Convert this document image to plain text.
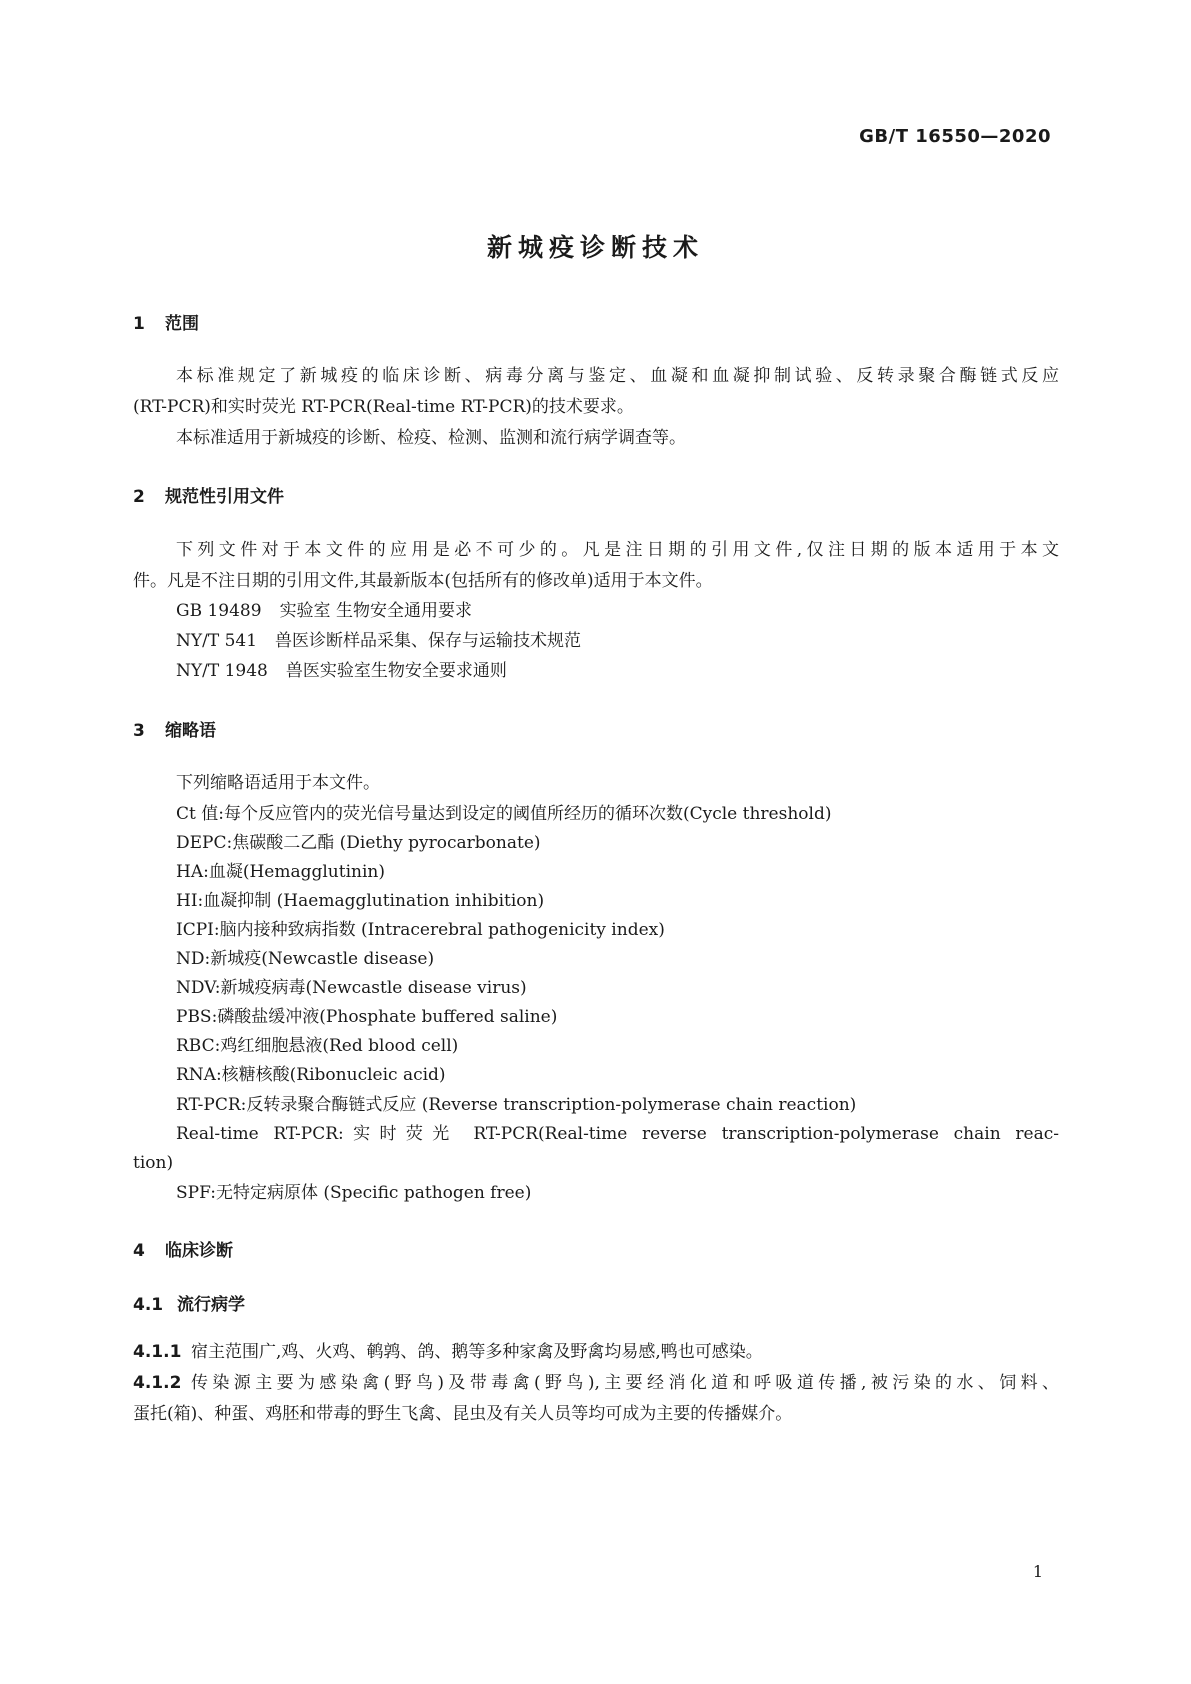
GB/T 16550—2020
新城疫诊断技术
1 范围
本标准规定了新城疫的临床诊断、病毒分离与鉴定、血凝和血凝抑制试验、反转录聚合酶链式反应
(RT-PCR)和实时荧光 RT-PCR(Real-time RT-PCR)的技术要求。
本标准适用于新城疫的诊断、检疫、检测、监测和流行病学调查等。
2 规范性引用文件
下列文件对于本文件的应用是必不可少的。凡是注日期的引用文件,仅注日期的版本适用于本文
件。凡是不注日期的引用文件,其最新版本(包括所有的修改单)适用于本文件。
GB 19489 实验室 生物安全通用要求
NY/T 541 兽医诊断样品采集、保存与运输技术规范
NY/T 1948 兽医实验室生物安全要求通则
3 缩略语
下列缩略语适用于本文件。
Ct 值:每个反应管内的荧光信号量达到设定的阈值所经历的循环次数(Cycle threshold)
DEPC:焦碳酸二乙酯 (Diethy pyrocarbonate)
HA:血凝(Hemagglutinin)
HI:血凝抑制 (Haemagglutination inhibition)
ICPI:脑内接种致病指数 (Intracerebral pathogenicity index)
ND:新城疫(Newcastle disease)
NDV:新城疫病毒(Newcastle disease virus)
PBS:磷酸盐缓冲液(Phosphate buffered saline)
RBC:鸡红细胞悬液(Red blood cell)
RNA:核糖核酸(Ribonucleic acid)
RT-PCR:反转录聚合酶链式反应 (Reverse transcription-polymerase chain reaction)
Real-time RT-PCR:实时荧光 RT-PCR(Real-time reverse transcription-polymerase chain reac-
tion)
SPF:无特定病原体 (Specific pathogen free)
4 临床诊断
4.1 流行病学
4.1.1 宿主范围广,鸡、火鸡、鹌鹑、鸽、鹅等多种家禽及野禽均易感,鸭也可感染。
4.1.2 传染源主要为感染禽(野鸟)及带毒禽(野鸟),主要经消化道和呼吸道传播,被污染的水、饲料、
蛋托(箱)、种蛋、鸡胚和带毒的野生飞禽、昆虫及有关人员等均可成为主要的传播媒介。
1
